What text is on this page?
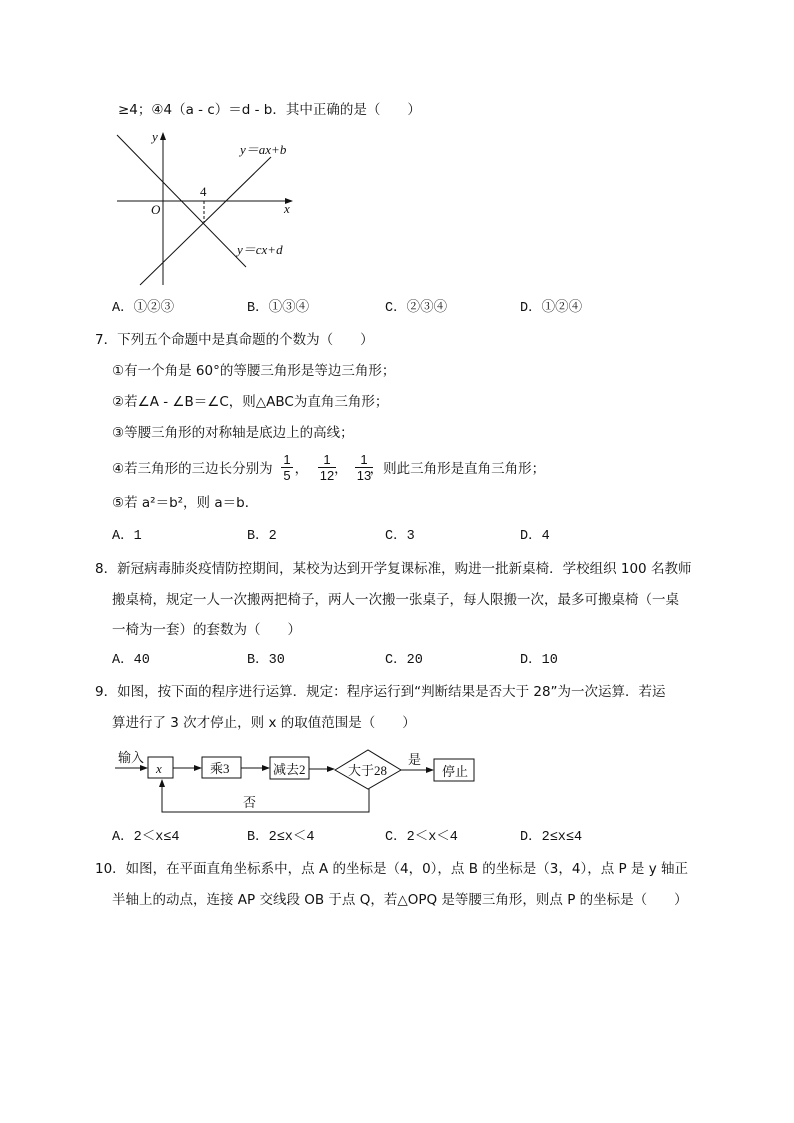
≥4；④4（a - c）＝d - b．其中正确的是（　　）
y
x
O
4
y＝ax+b
y＝cx+d
A．①②③	B．①③④	C．②③④	D．①②④
7．下列五个命题中是真命题的个数为（　　）
①有一个角是 60°的等腰三角形是等边三角形；
②若∠A - ∠B＝∠C，则△ABC为直角三角形；
③等腰三角形的对称轴是底边上的高线；
④若三角形的三边长分别为 ， ， ，则此三角形是直角三角形；
$\frac{1}{5} \frac{1}{12} \frac{1}{13}$
⑤若 a²＝b²，则 a＝b．
A．1	B．2	C．3	D．4
8．新冠病毒肺炎疫情防控期间，某校为达到开学复课标准，购进一批新桌椅．学校组织 100 名教师
搬桌椅，规定一人一次搬两把椅子，两人一次搬一张桌子，每人限搬一次，最多可搬桌椅（一桌
一椅为一套）的套数为（　　）
A．40	B．30	C．20	D．10
9．如图，按下面的程序进行运算．规定：程序运行到“判断结果是否大于 28”为一次运算．若运
算进行了 3 次才停止，则 x 的取值范围是（　　）
输入
x	乘3	减去2	大于28
是
停止
否
A．2＜x≤4	B．2≤x＜4	C．2＜x＜4	D．2≤x≤4
10．如图，在平面直角坐标系中，点 A 的坐标是（4，0），点 B 的坐标是（3，4），点 P 是 y 轴正
半轴上的动点，连接 AP 交线段 OB 于点 Q，若△OPQ 是等腰三角形，则点 P 的坐标是（　　）
